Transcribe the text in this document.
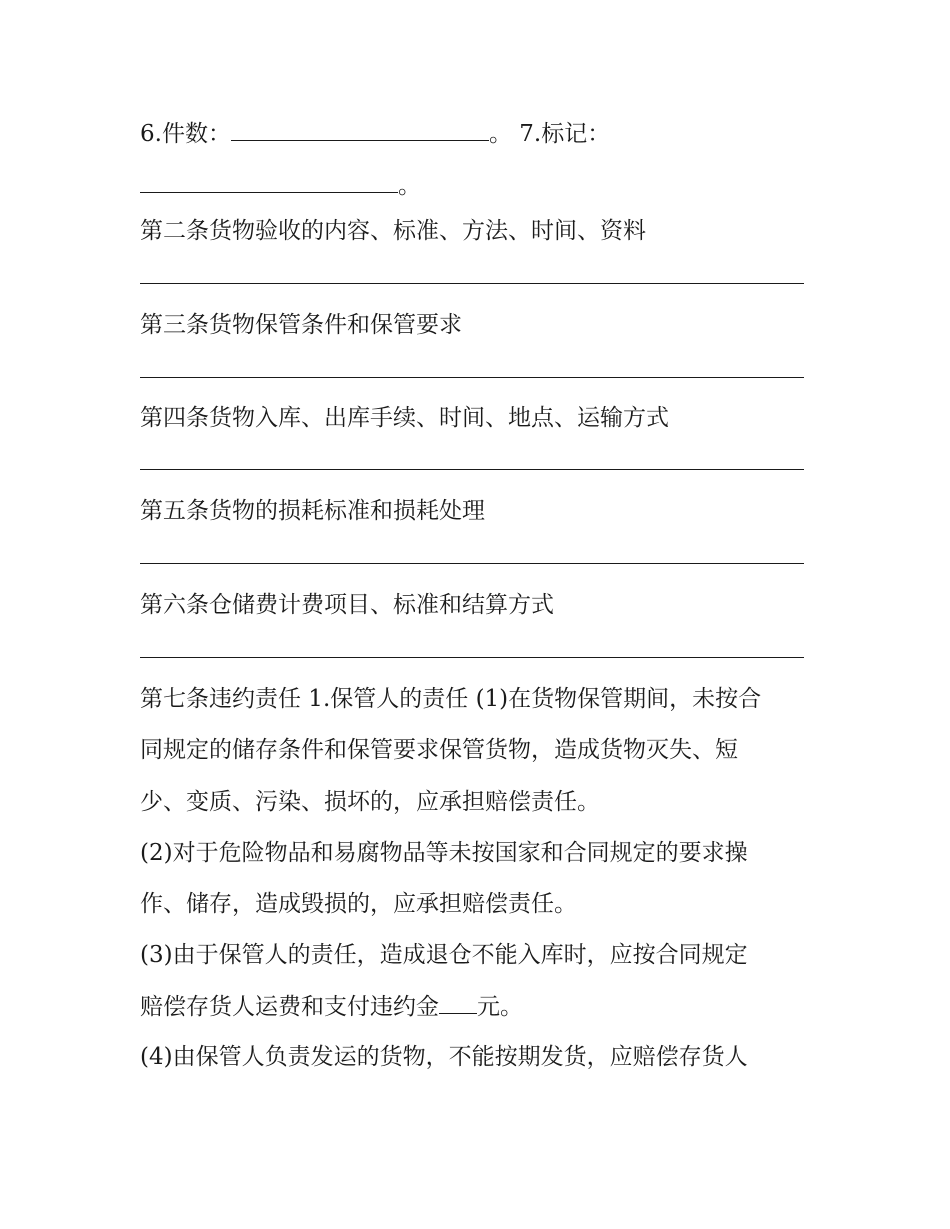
6.件数：	。 7.标记：

。

第二条货物验收的内容、标准、方法、时间、资料

第三条货物保管条件和保管要求

第四条货物入库、出库手续、时间、地点、运输方式

第五条货物的损耗标准和损耗处理

第六条仓储费计费项目、标准和结算方式

第七条违约责任 1.保管人的责任 (1)在货物保管期间，未按合

同规定的储存条件和保管要求保管货物，造成货物灭失、短

少、变质、污染、损坏的，应承担赔偿责任。

(2)对于危险物品和易腐物品等未按国家和合同规定的要求操

作、储存，造成毁损的，应承担赔偿责任。

(3)由于保管人的责任，造成退仓不能入库时，应按合同规定

赔偿存货人运费和支付违约金 元。

(4)由保管人负责发运的货物，不能按期发货，应赔偿存货人
